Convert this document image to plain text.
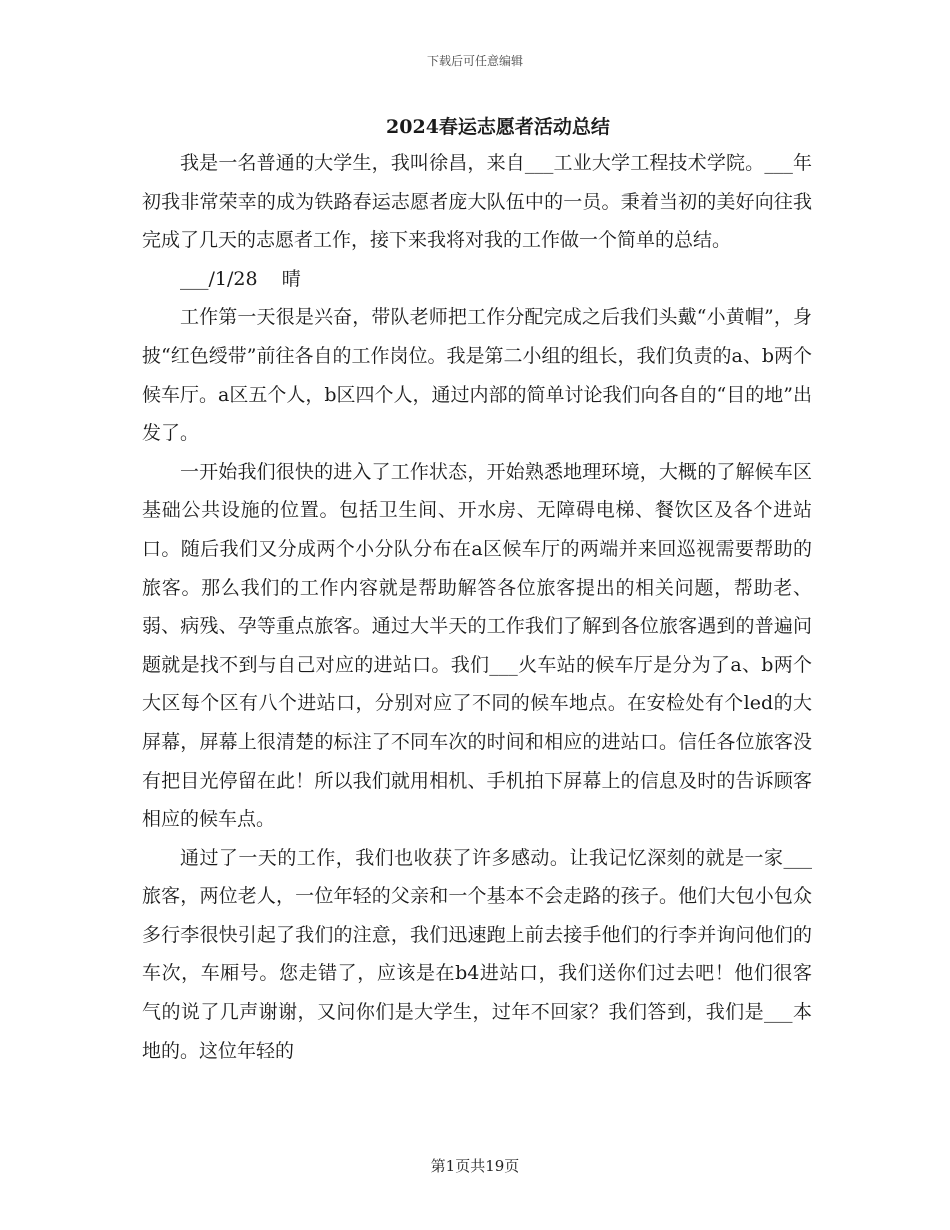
下载后可任意编辑
2024春运志愿者活动总结

我是一名普通的大学生，我叫徐昌，来自___工业大学工程技术学院。___年初我非常荣幸的成为铁路春运志愿者庞大队伍中的一员。秉着当初的美好向往我完成了几天的志愿者工作，接下来我将对我的工作做一个简单的总结。

___/1/28    晴

工作第一天很是兴奋，带队老师把工作分配完成之后我们头戴“小黄帽”，身披“红色绶带”前往各自的工作岗位。我是第二小组的组长，我们负责的a、b两个候车厅。a区五个人，b区四个人，通过内部的简单讨论我们向各自的“目的地”出发了。

一开始我们很快的进入了工作状态，开始熟悉地理环境，大概的了解候车区基础公共设施的位置。包括卫生间、开水房、无障碍电梯、餐饮区及各个进站口。随后我们又分成两个小分队分布在a区候车厅的两端并来回巡视需要帮助的旅客。那么我们的工作内容就是帮助解答各位旅客提出的相关问题，帮助老、弱、病残、孕等重点旅客。通过大半天的工作我们了解到各位旅客遇到的普遍问题就是找不到与自己对应的进站口。我们___火车站的候车厅是分为了a、b两个大区每个区有八个进站口，分别对应了不同的候车地点。在安检处有个led的大屏幕，屏幕上很清楚的标注了不同车次的时间和相应的进站口。信任各位旅客没有把目光停留在此！所以我们就用相机、手机拍下屏幕上的信息及时的告诉顾客相应的候车点。

通过了一天的工作，我们也收获了许多感动。让我记忆深刻的就是一家___旅客，两位老人，一位年轻的父亲和一个基本不会走路的孩子。他们大包小包众多行李很快引起了我们的注意，我们迅速跑上前去接手他们的行李并询问他们的车次，车厢号。您走错了，应该是在b4进站口，我们送你们过去吧！他们很客气的说了几声谢谢，又问你们是大学生，过年不回家？我们答到，我们是___本地的。这位年轻的

第1页共19页
